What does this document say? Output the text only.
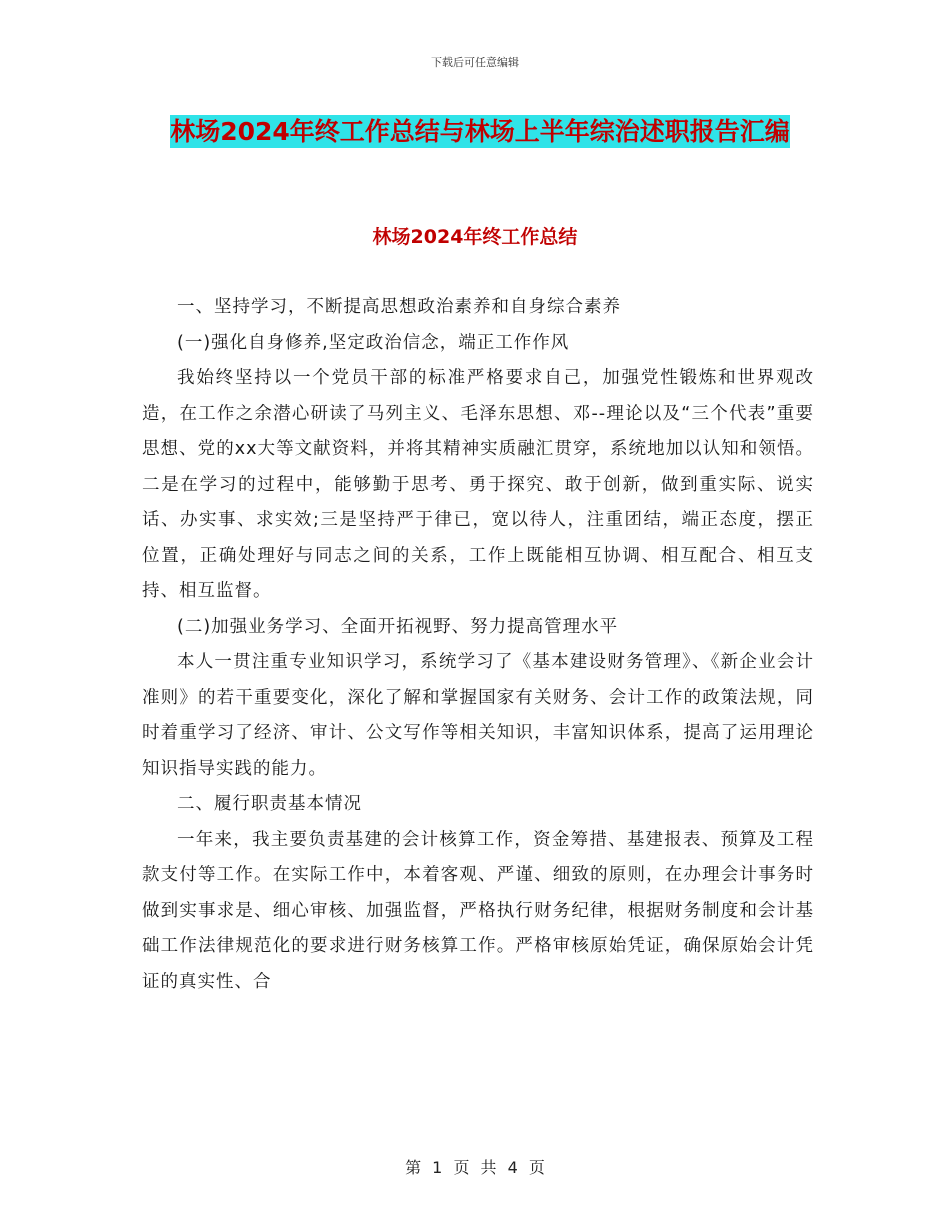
下载后可任意编辑
林场2024年终工作总结与林场上半年综治述职报告汇编
林场2024年终工作总结

一、坚持学习，不断提高思想政治素养和自身综合素养

(一)强化自身修养,坚定政治信念，端正工作作风

我始终坚持以一个党员干部的标准严格要求自己，加强党性锻炼和世界观改造，在工作之余潜心研读了马列主义、毛泽东思想、邓--理论以及“三个代表”重要思想、党的xx大等文献资料，并将其精神实质融汇贯穿，系统地加以认知和领悟。二是在学习的过程中，能够勤于思考、勇于探究、敢于创新，做到重实际、说实话、办实事、求实效;三是坚持严于律已，宽以待人，注重团结，端正态度，摆正位置，正确处理好与同志之间的关系，工作上既能相互协调、相互配合、相互支持、相互监督。

(二)加强业务学习、全面开拓视野、努力提高管理水平

本人一贯注重专业知识学习，系统学习了《基本建设财务管理》、《新企业会计准则》的若干重要变化，深化了解和掌握国家有关财务、会计工作的政策法规，同时着重学习了经济、审计、公文写作等相关知识，丰富知识体系，提高了运用理论知识指导实践的能力。

二、履行职责基本情况

一年来，我主要负责基建的会计核算工作，资金筹措、基建报表、预算及工程款支付等工作。在实际工作中，本着客观、严谨、细致的原则，在办理会计事务时做到实事求是、细心审核、加强监督，严格执行财务纪律，根据财务制度和会计基础工作法律规范化的要求进行财务核算工作。严格审核原始凭证，确保原始会计凭证的真实性、合

第 1 页 共 4 页
